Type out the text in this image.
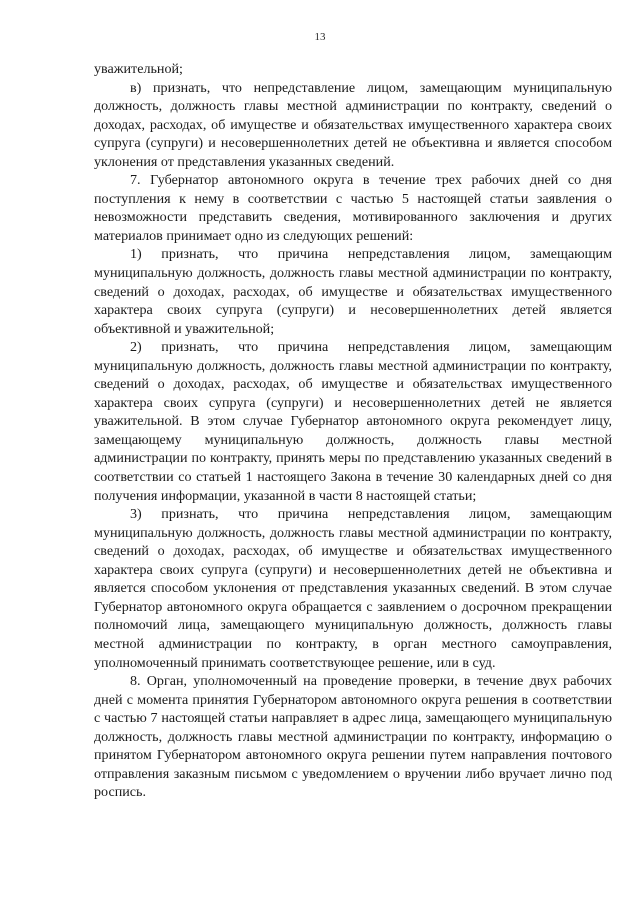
13

уважительной;

в) признать, что непредставление лицом, замещающим муниципальную должность, должность главы местной администрации по контракту, сведений о доходах, расходах, об имуществе и обязательствах имущественного характера своих супруга (супруги) и несовершеннолетних детей не объективна и является способом уклонения от представления указанных сведений.

7. Губернатор автономного округа в течение трех рабочих дней со дня поступления к нему в соответствии с частью 5 настоящей статьи заявления о невозможности представить сведения, мотивированного заключения и других материалов принимает одно из следующих решений:

1) признать, что причина непредставления лицом, замещающим муниципальную должность, должность главы местной администрации по контракту, сведений о доходах, расходах, об имуществе и обязательствах имущественного характера своих супруга (супруги) и несовершеннолетних детей является объективной и уважительной;

2) признать, что причина непредставления лицом, замещающим муниципальную должность, должность главы местной администрации по контракту, сведений о доходах, расходах, об имуществе и обязательствах имущественного характера своих супруга (супруги) и несовершеннолетних детей не является уважительной. В этом случае Губернатор автономного округа рекомендует лицу, замещающему муниципальную должность, должность главы местной администрации по контракту, принять меры по представлению указанных сведений в соответствии со статьей 1 настоящего Закона в течение 30 календарных дней со дня получения информации, указанной в части 8 настоящей статьи;

3) признать, что причина непредставления лицом, замещающим муниципальную должность, должность главы местной администрации по контракту, сведений о доходах, расходах, об имуществе и обязательствах имущественного характера своих супруга (супруги) и несовершеннолетних детей не объективна и является способом уклонения от представления указанных сведений. В этом случае Губернатор автономного округа обращается с заявлением о досрочном прекращении полномочий лица, замещающего муниципальную должность, должность главы местной администрации по контракту, в орган местного самоуправления, уполномоченный принимать соответствующее решение, или в суд.

8. Орган, уполномоченный на проведение проверки, в течение двух рабочих дней с момента принятия Губернатором автономного округа решения в соответствии с частью 7 настоящей статьи направляет в адрес лица, замещающего муниципальную должность, должность главы местной администрации по контракту, информацию о принятом Губернатором автономного округа решении путем направления почтового отправления заказным письмом с уведомлением о вручении либо вручает лично под роспись.
